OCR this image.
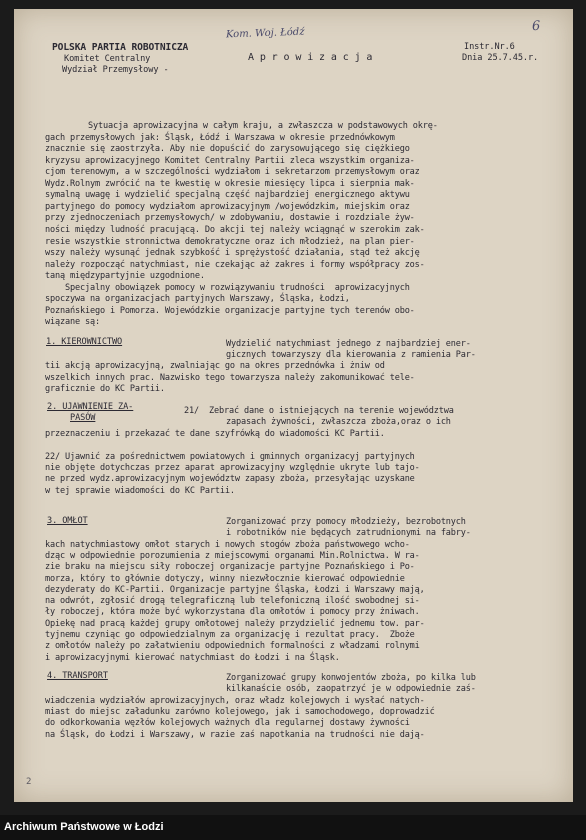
POLSKA PARTIA ROBOTNICZA
Komitet Centralny
Wydział Przemysłowy -
Kom. Woj. Łódź	6
A p r o w i z a c j a
Instr.Nr.6
Dnia 25.7.45.r.
Sytuacja aprowizacyjna w całym kraju, a zwłaszcza w podstawowych okrę-
gach przemysłowych jak: Śląsk, Łódź i Warszawa w okresie przednówkowym
znacznie się zaostrzyła. Aby nie dopuścić do zarysowującego się ciężkiego
kryzysu aprowizacyjnego Komitet Centralny Partii zleca wszystkim organiza-
cjom terenowym, a w szczególności wydziałom i sekretarzom przemysłowym oraz
Wydz.Rolnym zwrócić na te kwestię w okresie miesięcy lipca i sierpnia mak-
symalną uwagę i wydzielić specjalną część najbardziej energicznego aktywu
partyjnego do pomocy wydziałom aprowizacyjnym /wojewódzkim, miejskim oraz
przy zjednoczeniach przemysłowych/ w zdobywaniu, dostawie i rozdziale żyw-
ności między ludność pracującą. Do akcji tej należy wciągnąć w szerokim zak-
resie wszystkie stronnictwa demokratyczne oraz ich młodzież, na plan pier-
wszy należy wysunąć jednak szybkość i sprężystość działania, stąd też akcję
należy rozpocząć natychmiast, nie czekając aż zakres i formy współpracy zos-
taną międzypartyjnie uzgodnione.
Specjalny obowiązek pomocy w rozwiązywaniu trudności  aprowizacyjnych
spoczywa na organizacjach partyjnych Warszawy, Śląska, Łodzi,
Poznańskiego i Pomorza. Wojewódzkie organizacje partyjne tych terenów obo-
wiązane są:
1. KIEROWNICTWO
2. UJAWNIENIE ZA-
PASÓW
3. OMŁOT
4. TRANSPORT
Wydzielić natychmiast jednego z najbardziej ener-
gicznych towarzyszy dla kierowania z ramienia Par-
tii akcją aprowizacyjną, zwalniając go na okres przednówka i żniw od
wszelkich innych prac. Nazwisko tego towarzysza należy zakomunikować tele-
graficznie do KC Partii.
21/  Zebrać dane o istniejących na terenie województwa
zapasach żywności, zwłaszcza zboża,oraz o ich
przeznaczeniu i przekazać te dane szyfrówką do wiadomości KC Partii.
22/ Ujawnić za pośrednictwem powiatowych i gminnych organizacyj partyjnych
nie objęte dotychczas przez aparat aprowizacyjny względnie ukryte lub tajo-
ne przed wydz.aprowizacyjnym województw zapasy zboża, przesyłając uzyskane
w tej sprawie wiadomości do KC Partii.
Zorganizować przy pomocy młodzieży, bezrobotnych
i robotników nie będących zatrudnionymi na fabry-
kach natychmiastowy omłot starych i nowych stogów zboża państwowego wcho-
dząc w odpowiednie porozumienia z miejscowymi organami Min.Rolnictwa. W ra-
zie braku na miejscu siły roboczej organizacje partyjne Poznańskiego i Po-
morza, który to głównie dotyczy, winny niezwłocznie kierować odpowiednie
dezyderaty do KC-Partii. Organizacje partyjne Śląska, Łodzi i Warszawy mają,
na odwrót, zgłosić drogą telegraficzną lub telefoniczną ilość swobodnej si-
ły roboczej, która może być wykorzystana dla omłotów i pomocy przy żniwach.
Opiekę nad pracą każdej grupy omłotowej należy przydzielić jednemu tow. par-
tyjnemu czyniąc go odpowiedzialnym za organizację i rezultat pracy.  Zboże
z omłotów należy po załatwieniu odpowiednich formalności z władzami rolnymi
i aprowizacyjnymi kierować natychmiast do Łodzi i na Śląsk.
Zorganizować grupy konwojentów zboża, po kilka lub
kilkanaście osób, zaopatrzyć je w odpowiednie zaś-
wiadczenia wydziałów aprowizacyjnych, oraz władz kolejowych i wysłać natych-
miast do miejsc załadunku zarówno kolejowego, jak i samochodowego, doprowadzić
do odkorkowania węzłów kolejowych ważnych dla regularnej dostawy żywności
na Śląsk, do Łodzi i Warszawy, w razie zaś napotkania na trudności nie dają-
2
Archiwum Państwowe w Łodzi
